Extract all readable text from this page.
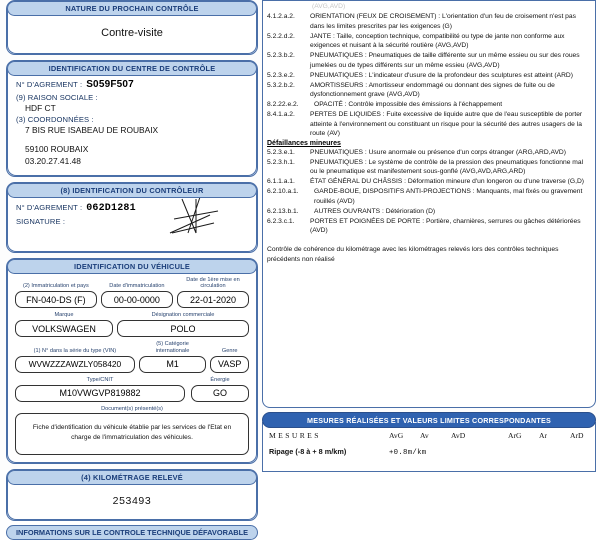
NATURE DU PROCHAIN CONTRÔLE
Contre-visite
IDENTIFICATION DU CENTRE DE CONTRÔLE
N° D'AGREMENT : S059F507
(9) RAISON SOCIALE :
HDF CT
(3) COORDONNÉES :
7 BIS RUE ISABEAU DE ROUBAIX
59100 ROUBAIX
03.20.27.41.48
(8) IDENTIFICATION DU CONTRÔLEUR
N° D'AGREMENT : 062D1281
SIGNATURE :
IDENTIFICATION DU VÉHICULE
(2) Immatriculation et pays
FN-040-DS (F)
Date d'immatriculation
00-00-0000
Date de 1ère mise en circulation
22-01-2020
Marque
VOLKSWAGEN
Désignation commerciale
POLO
(1) N° dans la série du type (VIN)
WVWZZZAWZLY058420
(5) Catégorie internationale
M1
Genre
VASP
Type/CNIT
M10VWGVP819882
Énergie
GO
Document(s) présenté(s)
Fiche d'identification du véhicule établie par les services de l'Etat en charge de l'immatriculation des véhicules.
(4) KILOMÉTRAGE RELEVÉ
253493
INFORMATIONS SUR LE CONTROLE TECHNIQUE DÉFAVORABLE
(AVG,AVD)
4.1.2.a.2.	ORIENTATION (FEUX DE CROISEMENT) : L'orientation d'un feu de croisement n'est pas dans les limites prescrites par les exigences (G)
5.2.2.d.2.	JANTE : Taille, conception technique, compatibilité ou type de jante non conforme aux exigences et nuisant à la sécurité routière (AVG,AVD)
5.2.3.b.2.	PNEUMATIQUES : Pneumatiques de taille différente sur un même essieu ou sur des roues jumelées ou de types différents sur un même essieu (AVG,AVD)
5.2.3.e.2.	PNEUMATIQUES : L'indicateur d'usure de la profondeur des sculptures est atteint (ARD)
5.3.2.b.2.	AMORTISSEURS : Amortisseur endommagé ou donnant des signes de fuite ou de dysfonctionnement grave (AVG,AVD)
8.2.22.e.2.	OPACITÉ : Contrôle impossible des émissions à l'échappement
8.4.1.a.2.	PERTES DE LIQUIDES : Fuite excessive de liquide autre que de l'eau susceptible de porter atteinte à l'environnement ou constituant un risque pour la sécurité des autres usagers de la route (AV)
Défaillances mineures
5.2.3.e.1.	PNEUMATIQUES : Usure anormale ou présence d'un corps étranger (ARG,ARD,AVD)
5.2.3.h.1.	PNEUMATIQUES : Le système de contrôle de la pression des pneumatiques fonctionne mal ou le pneumatique est manifestement sous-gonflé (AVG,AVD,ARG,ARD)
6.1.1.a.1.	ÉTAT GÉNÉRAL DU CHÂSSIS : Déformation mineure d'un longeron ou d'une traverse (G,D)
6.2.10.a.1.	GARDE-BOUE, DISPOSITIFS ANTI-PROJECTIONS : Manquants, mal fixés ou gravement rouillés (AVD)
6.2.13.b.1.	AUTRES OUVRANTS : Détérioration (D)
6.2.3.c.1.	PORTES ET POIGNÉES DE PORTE : Portière, charnières, serrures ou gâches détériorées (AVD)
Contrôle de cohérence du kilométrage avec les kilométrages relevés lors des contrôles techniques précédents non réalisé
MESURES RÉALISÉES ET VALEURS LIMITES CORRESPONDANTES
MESURES	AvG	Av	AvD	ArG	Ar	ArD
Ripage (-8 à + 8 m/km)	+0.8m/km
